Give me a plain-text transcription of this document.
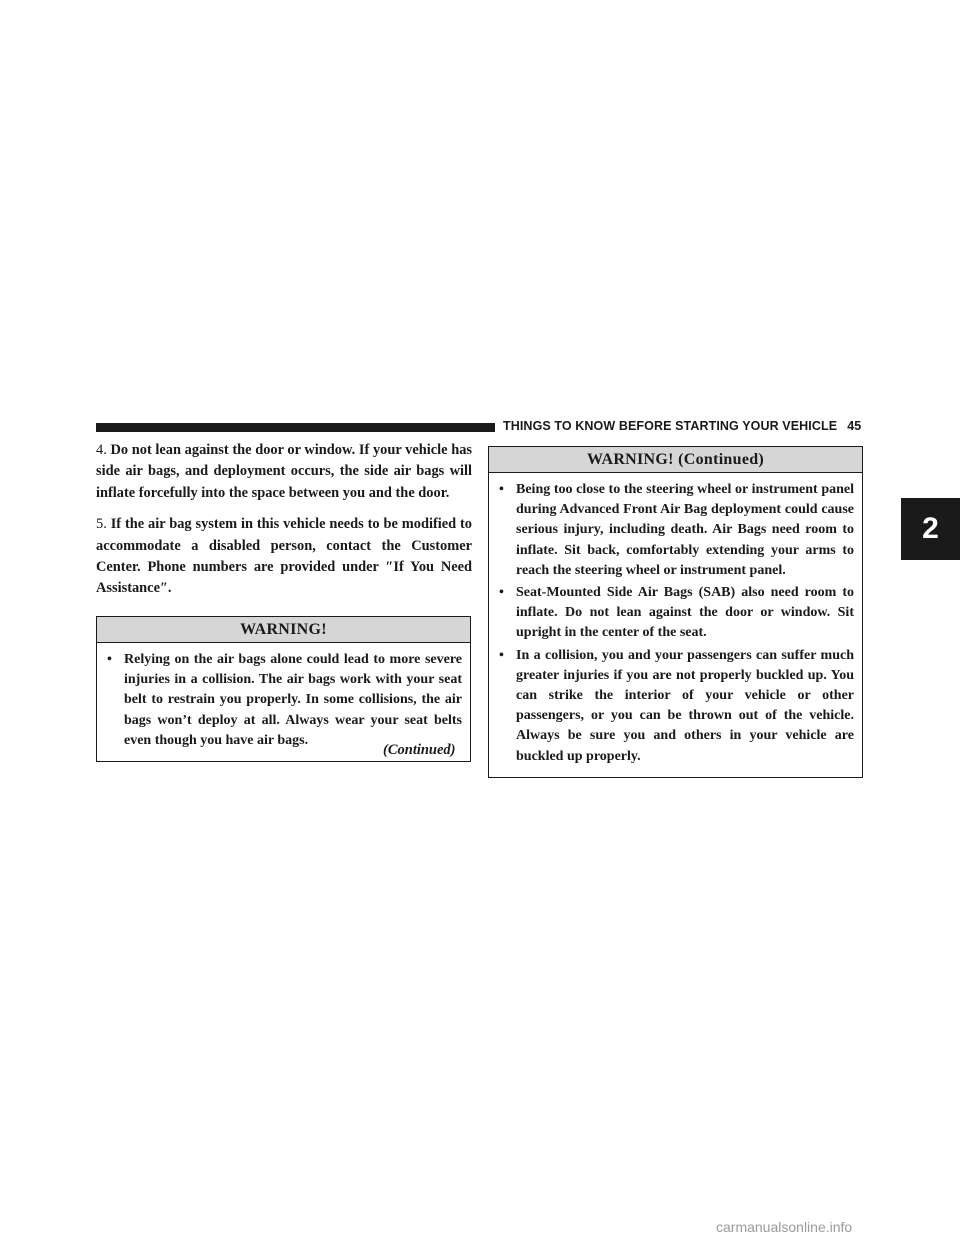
THINGS TO KNOW BEFORE STARTING YOUR VEHICLE 45
2

4. Do not lean against the door or window. If your vehicle has side air bags, and deployment occurs, the side air bags will inflate forcefully into the space between you and the door.

5. If the air bag system in this vehicle needs to be modified to accommodate a disabled person, contact the Customer Center. Phone numbers are provided under ″If You Need Assistance″.

WARNING!
• Relying on the air bags alone could lead to more severe injuries in a collision. The air bags work with your seat belt to restrain you properly. In some collisions, the air bags won’t deploy at all. Always wear your seat belts even though you have air bags.
(Continued)
WARNING! (Continued)
• Being too close to the steering wheel or instrument panel during Advanced Front Air Bag deployment could cause serious injury, including death. Air Bags need room to inflate. Sit back, comfortably extending your arms to reach the steering wheel or instrument panel.
• Seat-Mounted Side Air Bags (SAB) also need room to inflate. Do not lean against the door or window. Sit upright in the center of the seat.
• In a collision, you and your passengers can suffer much greater injuries if you are not properly buckled up. You can strike the interior of your vehicle or other passengers, or you can be thrown out of the vehicle. Always be sure you and others in your vehicle are buckled up properly.
carmanualsonline.info
